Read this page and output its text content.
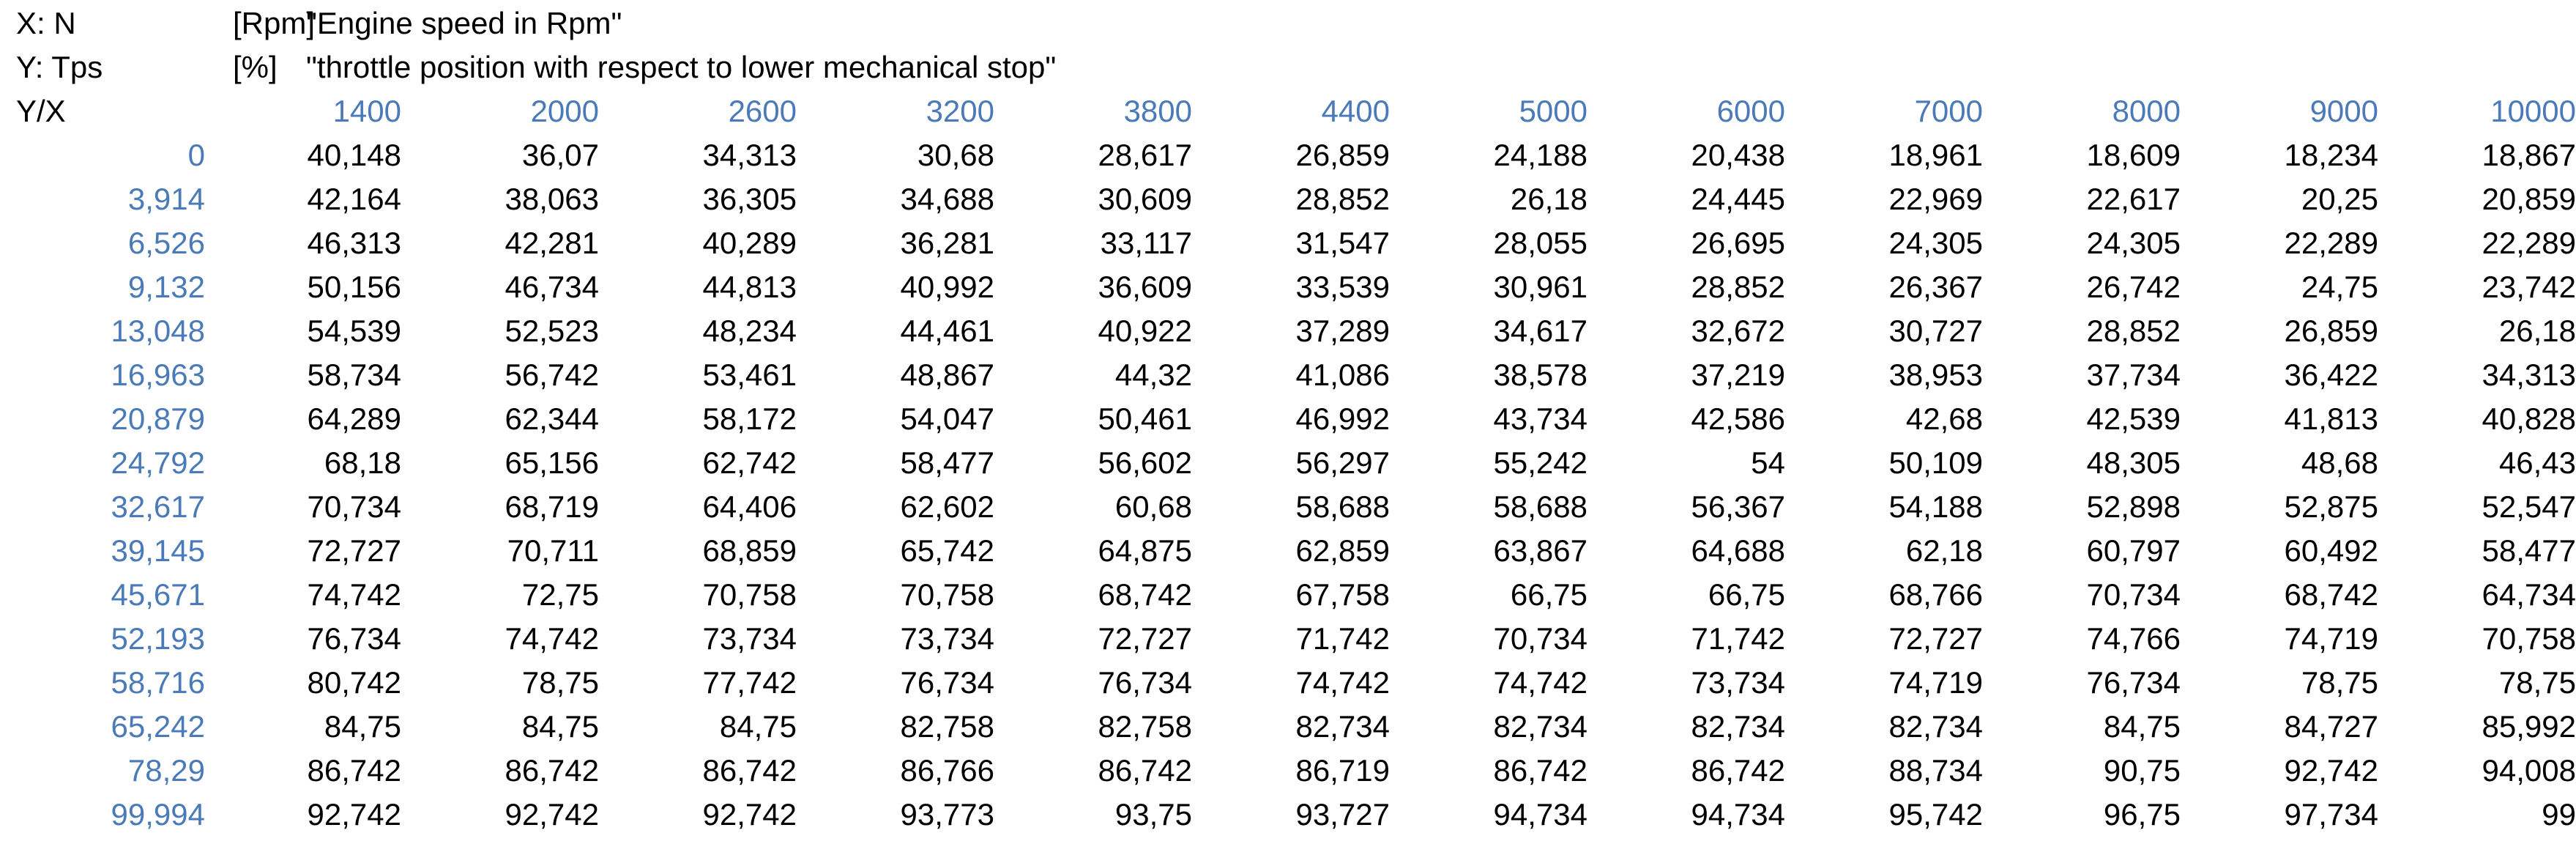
X: N	[Rpm]
"Engine speed in Rpm"
Y: Tps	[%] "throttle position with respect to lower mechanical stop"
Y/X	1400	2000	2600	3200	3800	4400	5000	6000	7000	8000	9000	10000
0	40,148	36,07	34,313	30,68	28,617	26,859	24,188	20,438	18,961	18,609	18,234	18,867
3,914	42,164	38,063	36,305	34,688	30,609	28,852	26,18	24,445	22,969	22,617	20,25	20,859
6,526	46,313	42,281	40,289	36,281	33,117	31,547	28,055	26,695	24,305	24,305	22,289	22,289
9,132	50,156	46,734	44,813	40,992	36,609	33,539	30,961	28,852	26,367	26,742	24,75	23,742
13,048	54,539	52,523	48,234	44,461	40,922	37,289	34,617	32,672	30,727	28,852	26,859	26,18
16,963	58,734	56,742	53,461	48,867	44,32	41,086	38,578	37,219	38,953	37,734	36,422	34,313
20,879	64,289	62,344	58,172	54,047	50,461	46,992	43,734	42,586	42,68	42,539	41,813	40,828
24,792	68,18	65,156	62,742	58,477	56,602	56,297	55,242	54	50,109	48,305	48,68	46,43
32,617	70,734	68,719	64,406	62,602	60,68	58,688	58,688	56,367	54,188	52,898	52,875	52,547
39,145	72,727	70,711	68,859	65,742	64,875	62,859	63,867	64,688	62,18	60,797	60,492	58,477
45,671	74,742	72,75	70,758	70,758	68,742	67,758	66,75	66,75	68,766	70,734	68,742	64,734
52,193	76,734	74,742	73,734	73,734	72,727	71,742	70,734	71,742	72,727	74,766	74,719	70,758
58,716	80,742	78,75	77,742	76,734	76,734	74,742	74,742	73,734	74,719	76,734	78,75	78,75
65,242	84,75	84,75	84,75	82,758	82,758	82,734	82,734	82,734	82,734	84,75	84,727	85,992
78,29	86,742	86,742	86,742	86,766	86,742	86,719	86,742	86,742	88,734	90,75	92,742	94,008
99,994	92,742	92,742	92,742	93,773	93,75	93,727	94,734	94,734	95,742	96,75	97,734	99
